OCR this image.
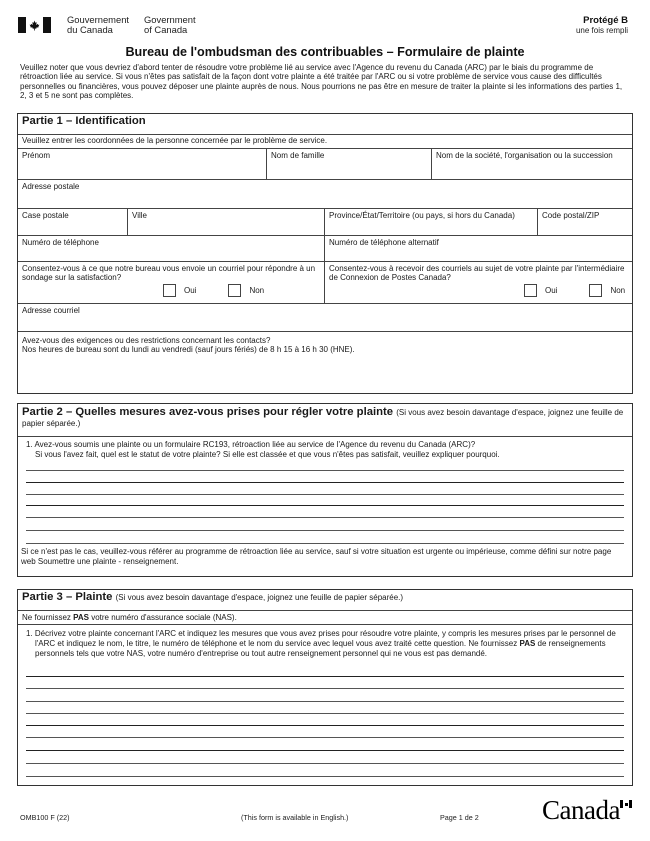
Gouvernement
du Canada
Government
of Canada
Protégé B
une fois rempli
Bureau de l'ombudsman des contribuables – Formulaire de plainte
Veuillez noter que vous devriez d'abord tenter de résoudre votre problème lié au service avec l'Agence du revenu du Canada (ARC) par le biais du programme de rétroaction liée au service. Si vous n'êtes pas satisfait de la façon dont votre plainte a été traitée par l'ARC ou si votre problème de service vous cause des difficultés personnelles ou financières, vous pouvez déposer une plainte auprès de nous. Nous pourrions ne pas être en mesure de traiter la plainte si les informations des parties 1, 2, 3 et 5 ne sont pas complètes.
Partie 1 – Identification
Veuillez entrer les coordonnées de la personne concernée par le problème de service.
Prénom	Nom de famille	Nom de la société, l'organisation ou la succession
Adresse postale
Case postale	Ville	Province/État/Territoire (ou pays, si hors du Canada)	Code postal/ZIP
Numéro de téléphone	Numéro de téléphone alternatif
Consentez-vous à ce que notre bureau vous envoie un courriel pour répondre à un sondage sur la satisfaction?
Oui	Non
Consentez-vous à recevoir des courriels au sujet de votre plainte par l'intermédiaire de Connexion de Postes Canada?
Oui	Non
Adresse courriel
Avez-vous des exigences ou des restrictions concernant les contacts?
Nos heures de bureau sont du lundi au vendredi (sauf jours fériés) de 8 h 15 à 16 h 30 (HNE).
Partie 2 – Quelles mesures avez-vous prises pour régler votre plainte (Si vous avez besoin davantage d'espace, joignez une feuille de papier séparée.)
1. Avez-vous soumis une plainte ou un formulaire RC193, rétroaction liée au service de l'Agence du revenu du Canada (ARC)?
Si vous l'avez fait, quel est le statut de votre plainte? Si elle est classée et que vous n'êtes pas satisfait, veuillez expliquer pourquoi.
Si ce n'est pas le cas, veuillez-vous référer au programme de rétroaction liée au service, sauf si votre situation est urgente ou impérieuse, comme défini sur notre page web Soumettre une plainte - renseignement.
Partie 3 – Plainte (Si vous avez besoin davantage d'espace, joignez une feuille de papier séparée.)
Ne fournissez PAS votre numéro d'assurance sociale (NAS).
1. Décrivez votre plainte concernant l'ARC et indiquez les mesures que vous avez prises pour résoudre votre plainte, y compris les mesures prises par le personnel de l'ARC et indiquez le nom, le titre, le numéro de téléphone et le nom du service avec lequel vous avez traité cette question. Ne fournissez PAS de renseignements personnels tels que votre NAS, votre numéro d'entreprise ou tout autre renseignement personnel qui ne vous est pas demandé.
OMB100 F (22)	(This form is available in English.)	Page 1 de 2 Canada
